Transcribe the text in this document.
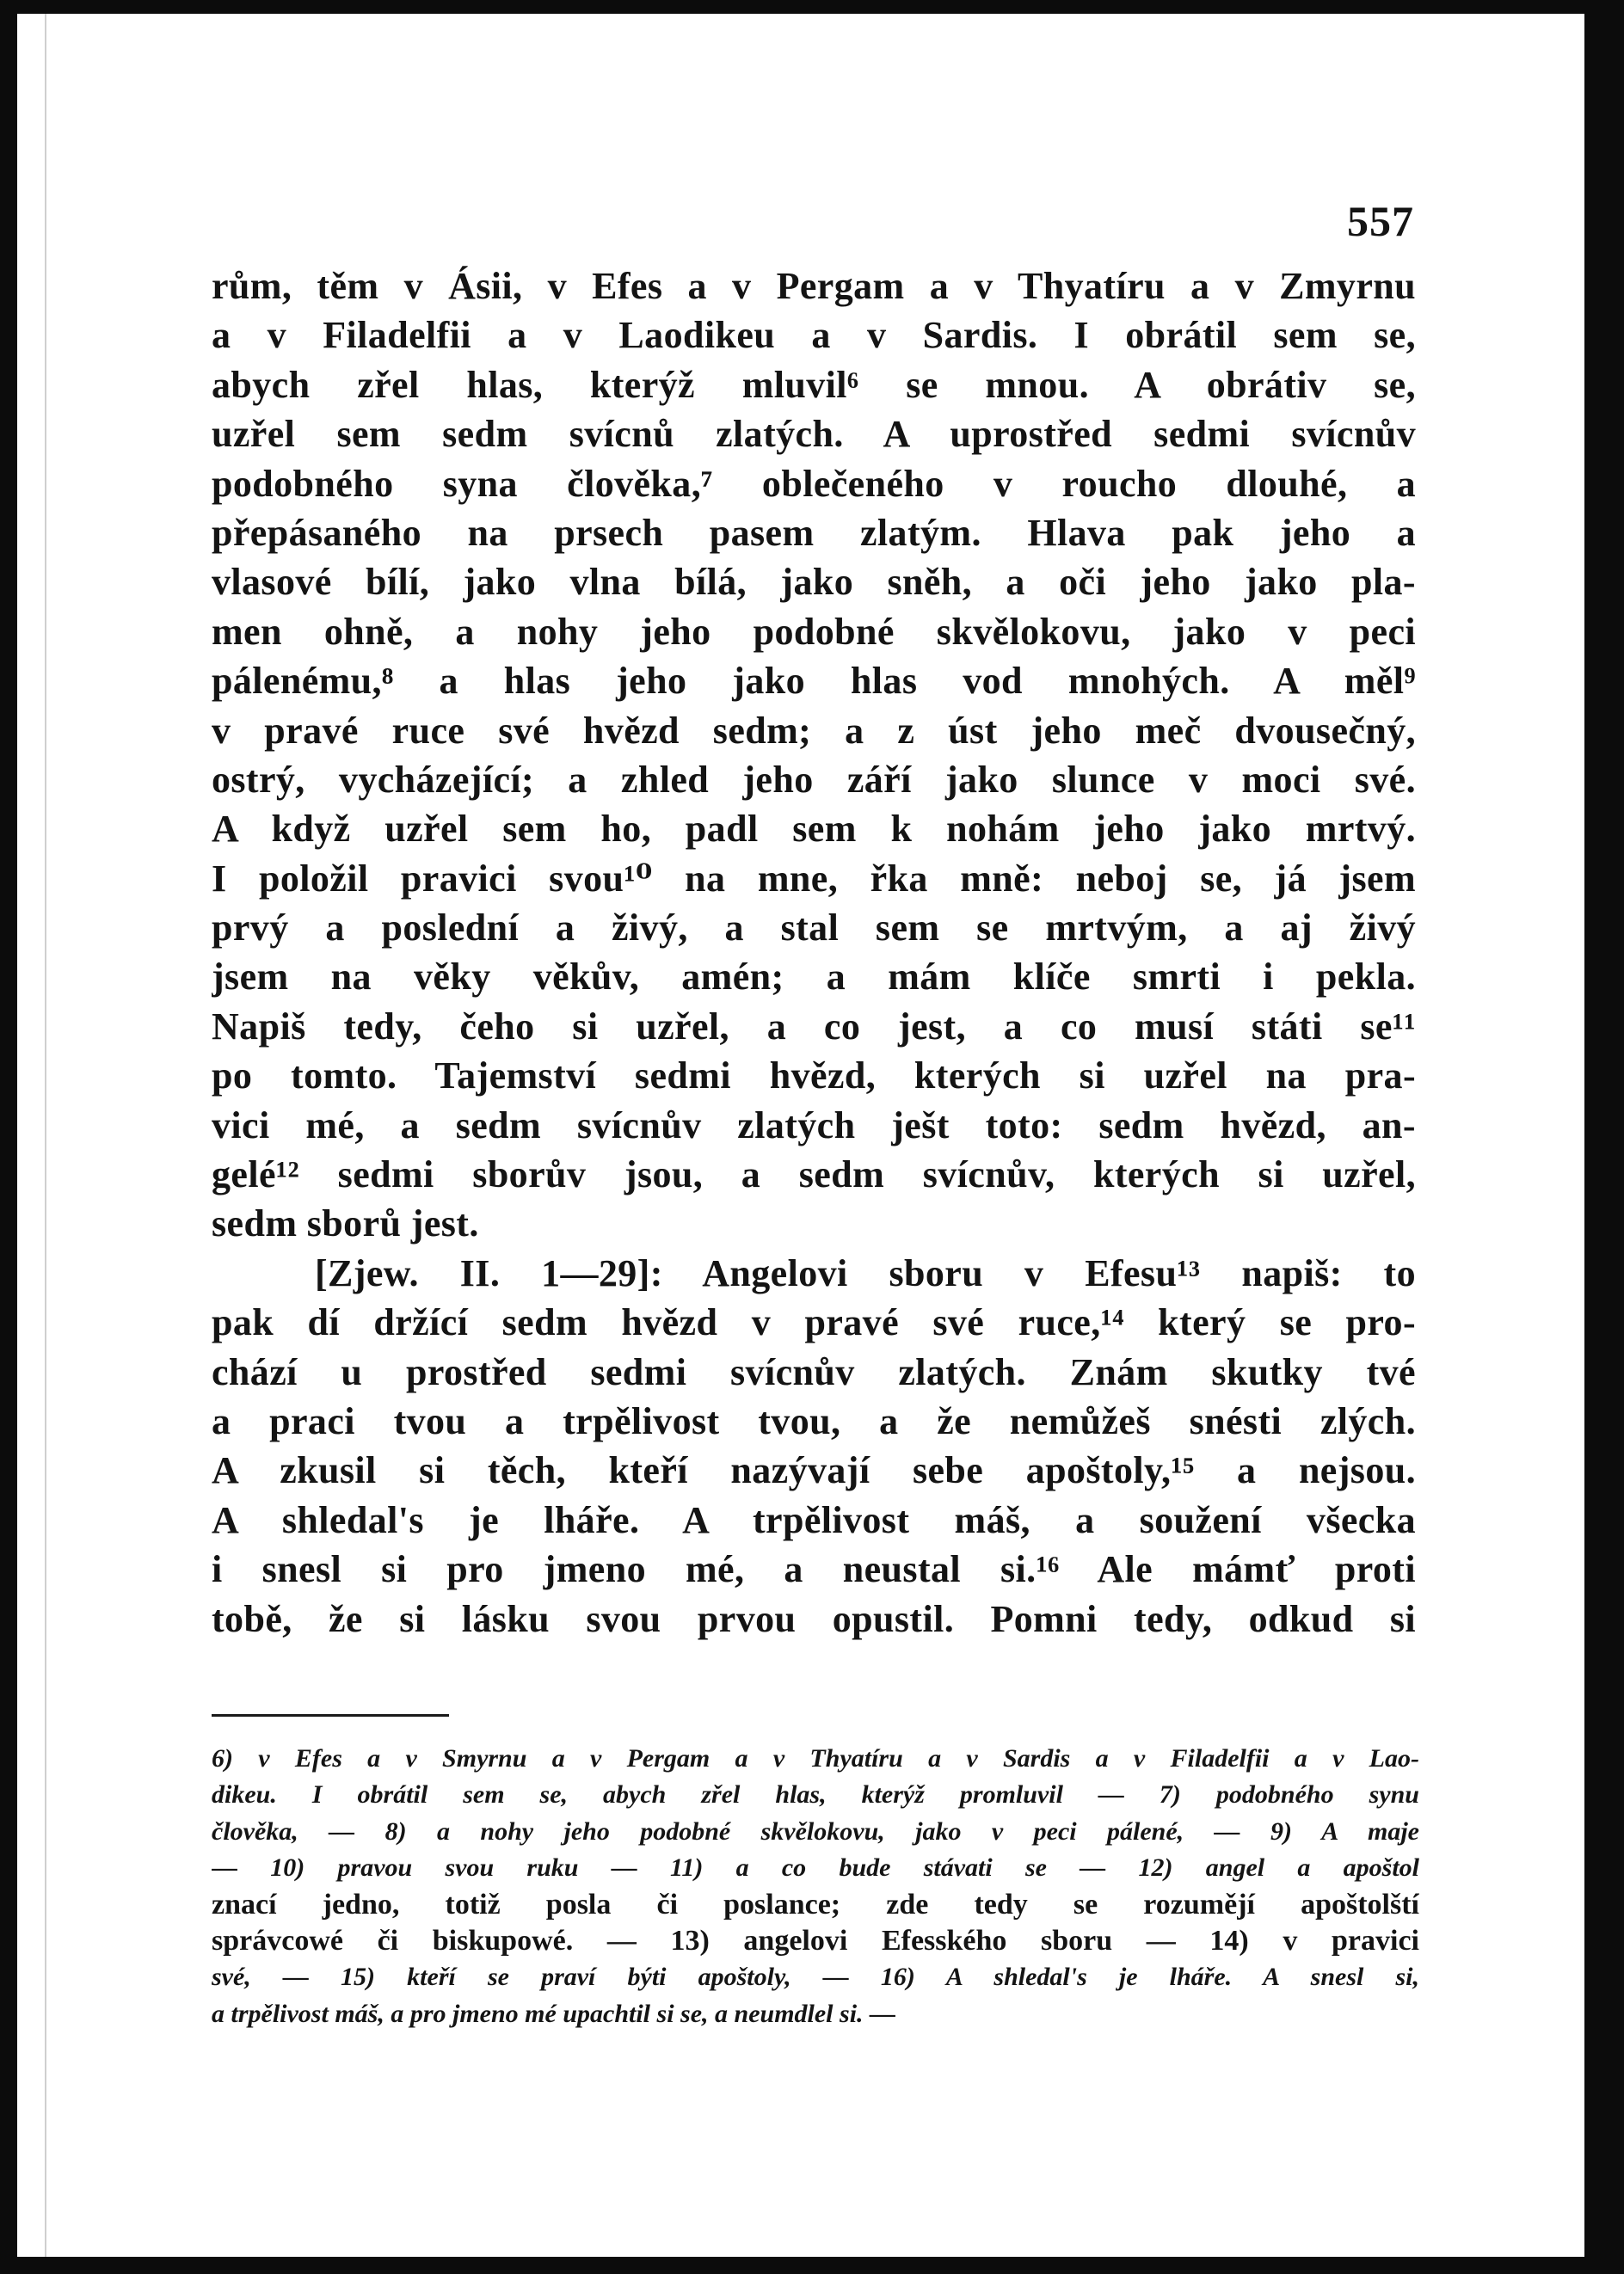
557
rům, těm v Ásii, v Efes a v Pergam a v Thyatíru a v Zmyrnu
a v Filadelfii a v Laodikeu a v Sardis. I obrátil sem se,
abych zřel hlas, kterýž mluvil⁶ se mnou. A obrátiv se,
uzřel sem sedm svícnů zlatých. A uprostřed sedmi svícnův
podobného syna člověka,⁷ oblečeného v roucho dlouhé, a
přepásaného na prsech pasem zlatým. Hlava pak jeho a
vlasové bílí, jako vlna bílá, jako sněh, a oči jeho jako pla-
men ohně, a nohy jeho podobné skvělokovu, jako v peci
pálenému,⁸ a hlas jeho jako hlas vod mnohých. A měl⁹
v pravé ruce své hvězd sedm; a z úst jeho meč dvousečný,
ostrý, vycházející; a zhled jeho září jako slunce v moci své.
A když uzřel sem ho, padl sem k nohám jeho jako mrtvý.
I položil pravici svou¹⁰ na mne, řka mně: neboj se, já jsem
prvý a poslední a živý, a stal sem se mrtvým, a aj živý
jsem na věky věkův, amén; a mám klíče smrti i pekla.
Napiš tedy, čeho si uzřel, a co jest, a co musí státi se¹¹
po tomto. Tajemství sedmi hvězd, kterých si uzřel na pra-
vici mé, a sedm svícnův zlatých ješt toto: sedm hvězd, an-
gelé¹² sedmi sborův jsou, a sedm svícnův, kterých si uzřel,
sedm sborů jest.
[Zjew. II. 1—29]: Angelovi sboru v Efesu¹³ napiš: to
pak dí držící sedm hvězd v pravé své ruce,¹⁴ který se pro-
chází u prostřed sedmi svícnův zlatých. Znám skutky tvé
a praci tvou a trpělivost tvou, a že nemůžeš snésti zlých.
A zkusil si těch, kteří nazývají sebe apoštoly,¹⁵ a nejsou.
A shledal's je lháře. A trpělivost máš, a soužení všecka
i snesl si pro jmeno mé, a neustal si.¹⁶ Ale mámť proti
tobě, že si lásku svou prvou opustil. Pomni tedy, odkud si
6) v Efes a v Smyrnu a v Pergam a v Thyatíru a v Sardis a v Filadelfii a v Lao-
dikeu. I obrátil sem se, abych zřel hlas, kterýž promluvil — 7) podobného synu
člověka, — 8) a nohy jeho podobné skvělokovu, jako v peci pálené, — 9) A maje
— 10) pravou svou ruku — 11) a co bude stávati se — 12) angel a apoštol
znací jedno, totiž posla či poslance; zde tedy se rozumějí apoštolští
správcowé či biskupowé. — 13) angelovi Efesského sboru — 14) v pravici
své, — 15) kteří se praví býti apoštoly, — 16) A shledal's je lháře. A snesl si,
a trpělivost máš, a pro jmeno mé upachtil si se, a neumdlel si. —
